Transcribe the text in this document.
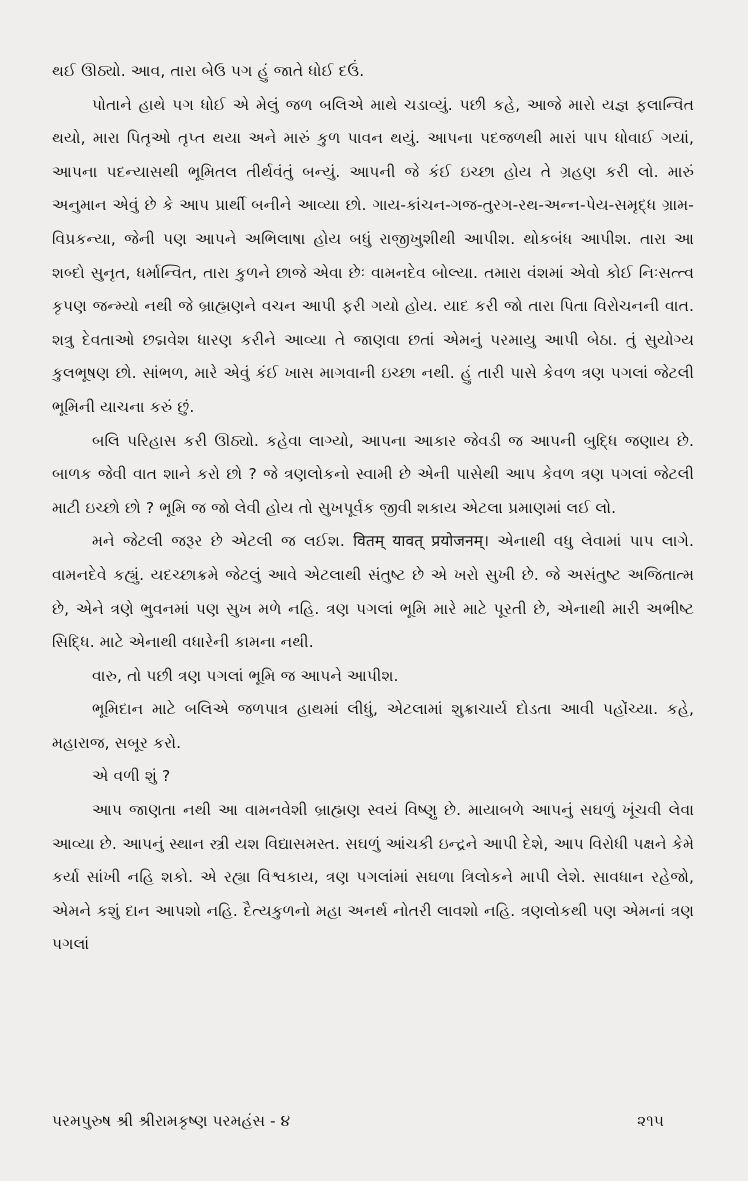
થઈ ઊઠ્યો. આવ, તારા બેઉ પગ હું જાતે ધોઈ દઉં.

પોતાને હાથે પગ ધોઈ એ મેલું જળ બલિએ માથે ચડાવ્યું. પછી કહે, આજે મારો યજ્ઞ ફલાન્વિત થયો, મારા પિતૃઓ તૃપ્ત થયા અને મારું કુળ પાવન થયું. આપના પદજળથી મારાં પાપ ધોવાઈ ગયાં, આપના પદન્યાસથી ભૂમિતલ તીર્થવંતું બન્યું. આપની જે કંઈ ઇચ્છા હોય તે ગ્રહણ કરી લો. મારું અનુમાન એવું છે કે આપ પ્રાર્થી બનીને આવ્યા છો. ગાય-કાંચન-ગજ-તુરગ-રથ-અન્ન-પેય-સમૃદ્ધ ગ્રામ-વિપ્રકન્યા, જેની પણ આપને અભિલાષા હોય બધું રાજીખુશીથી આપીશ. થોકબંધ આપીશ. તારા આ શબ્દો સુનૃત, ધર્માન્વિત, તારા કુળને છાજે એવા છેઃ વામનદેવ બોલ્યા. તમારા વંશમાં એવો કોઈ નિઃસત્ત્વ કૃપણ જન્મ્યો નથી જે બ્રાહ્મણને વચન આપી ફરી ગયો હોય. યાદ કરી જો તારા પિતા વિરોચનની વાત. શત્રુ દેવતાઓ છદ્મવેશ ધારણ કરીને આવ્યા તે જાણવા છતાં એમનું પરમાયુ આપી બેઠા. તું સુયોગ્ય કુલભૂષણ છો. સાંભળ, મારે એવું કંઈ ખાસ માગવાની ઇચ્છા નથી. હું તારી પાસે કેવળ ત્રણ પગલાં જેટલી ભૂમિની યાચના કરું છું.

બલિ પરિહાસ કરી ઊઠ્યો. કહેવા લાગ્યો, આપના આકાર જેવડી જ આપની બુદ્ધિ જણાય છે. બાળક જેવી વાત શાને કરો છો ? જે ત્રણલોકનો સ્વામી છે એની પાસેથી આપ કેવળ ત્રણ પગલાં જેટલી માટી ઇચ્છો છો ? ભૂમિ જ જો લેવી હોય તો સુખપૂર્વક જીવી શકાય એટલા પ્રમાણમાં લઈ લો.

મને જેટલી જરૂર છે એટલી જ લઈશ. वितम् यावत् प्रयोजनम्। એનાથી વધુ લેવામાં પાપ લાગે. વામનદેવે કહ્યું. યદચ્છાક્રમે જેટલું આવે એટલાથી સંતુષ્ટ છે એ ખરો સુખી છે. જે અસંતુષ્ટ અજિતાત્મ છે, એને ત્રણે ભુવનમાં પણ સુખ મળે નહિ. ત્રણ પગલાં ભૂમિ મારે માટે પૂરતી છે, એનાથી મારી અભીષ્ટ સિદ્ધિ. માટે એનાથી વધારેની કામના નથી.

વારુ, તો પછી ત્રણ પગલાં ભૂમિ જ આપને આપીશ.

ભૂમિદાન માટે બલિએ જળપાત્ર હાથમાં લીધું, એટલામાં શુક્રાચાર્ય દોડતા આવી પહોંચ્યા. કહે, મહારાજ, સબૂર કરો.

એ વળી શું ?

આપ જાણતા નથી આ વામનવેશી બ્રાહ્મણ સ્વયં વિષ્ણુ છે. માયાબળે આપનું સઘળું ખૂંચવી લેવા આવ્યા છે. આપનું સ્થાન સ્ત્રી યશ વિદ્યાસમસ્ત. સઘળું આંચકી ઇન્દ્રને આપી દેશે, આપ વિરોધી પક્ષને કેમે કર્યા સાંખી નહિ શકો. એ રહ્યા વિશ્વકાય, ત્રણ પગલાંમાં સઘળા ત્રિલોકને માપી લેશે. સાવધાન રહેજો, એમને કશું દાન આપશો નહિ. દૈત્યકુળનો મહા અનર્થ નોતરી લાવશો નહિ. ત્રણલોકથી પણ એમનાં ત્રણ પગલાં

પરમપુરુષ શ્રી શ્રીરામકૃષ્ણ પરમહંસ - ૪	૨૧૫
